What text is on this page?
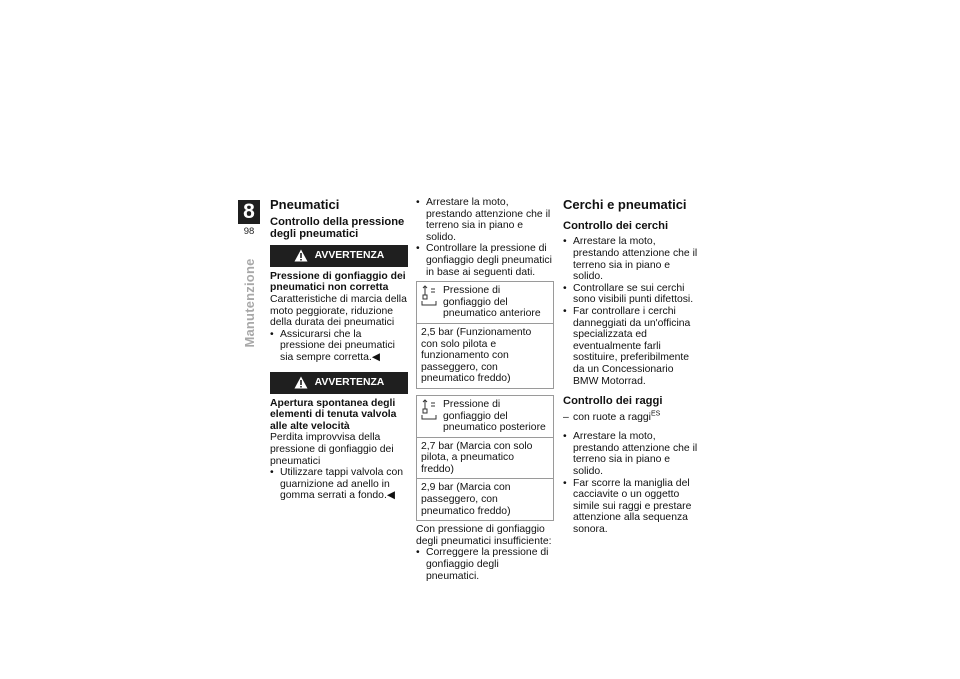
8
98
Manutenzione
Pneumatici
Controllo della pressione degli pneumatici
AVVERTENZA
Pressione di gonfiaggio dei pneumatici non corretta

Caratteristiche di marcia della moto peggiorate, riduzione della durata dei pneumatici

• Assicurarsi che la pressione dei pneumatici sia sempre corretta.◀
AVVERTENZA
Apertura spontanea degli elementi di tenuta valvola alle alte velocità

Perdita improvvisa della pressione di gonfiaggio dei pneumatici

• Utilizzare tappi valvola con guarnizione ad anello in gomma serrati a fondo.◀
• Arrestare la moto, prestando attenzione che il terreno sia in piano e solido.
• Controllare la pressione di gonfiaggio degli pneumatici in base ai seguenti dati.
Pressione di gonfiaggio del pneumatico anteriore
2,5 bar (Funzionamento con solo pilota e funzionamento con passeggero, con pneumatico freddo)
Pressione di gonfiaggio del pneumatico posteriore
2,7 bar (Marcia con solo pilota, a pneumatico freddo)
2,9 bar (Marcia con passeggero, con pneumatico freddo)

Con pressione di gonfiaggio degli pneumatici insufficiente:

• Correggere la pressione di gonfiaggio degli pneumatici.
Cerchi e pneumatici
Controllo dei cerchi
• Arrestare la moto, prestando attenzione che il terreno sia in piano e solido.
• Controllare se sui cerchi sono visibili punti difettosi.
• Far controllare i cerchi danneggiati da un'officina specializzata ed eventualmente farli sostituire, preferibilmente da un Concessionario BMW Motorrad.
Controllo dei raggi
– con ruote a raggi$^{ES}$
• Arrestare la moto, prestando attenzione che il terreno sia in piano e solido.
• Far scorre la maniglia del cacciavite o un oggetto simile sui raggi e prestare attenzione alla sequenza sonora.
